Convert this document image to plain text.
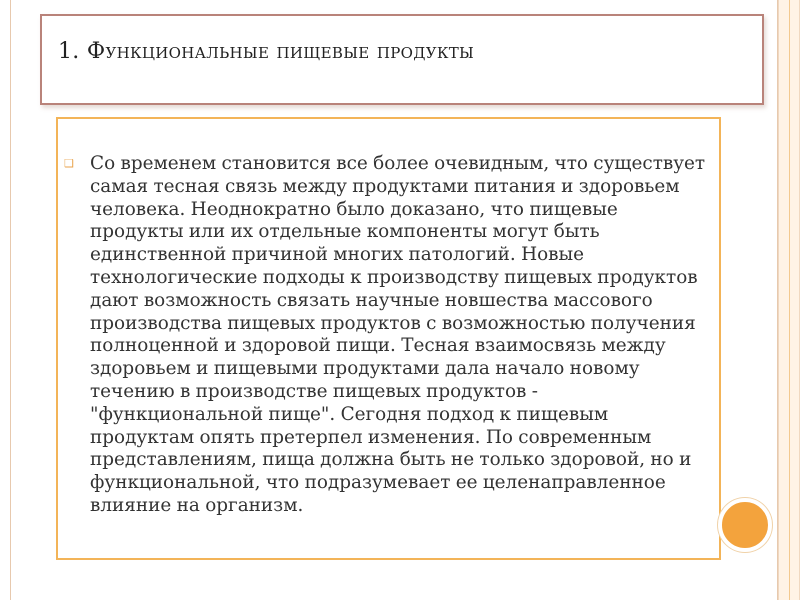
1. Функциональные пищевые продукты
❑ Со временем становится все более очевидным, что существует самая тесная связь между продуктами питания и здоровьем человека. Неоднократно было доказано, что пищевые продукты или их отдельные компоненты могут быть единственной причиной многих патологий. Новые технологические подходы к производству пищевых продуктов дают возможность связать научные новшества массового производства пищевых продуктов с возможностью получения полноценной и здоровой пищи. Тесная взаимосвязь между здоровьем и пищевыми продуктами дала начало новому течению в производстве пищевых продуктов - "функциональной пище". Сегодня подход к пищевым продуктам опять претерпел изменения. По современным представлениям, пища должна быть не только здоровой, но и функциональной, что подразумевает ее целенаправленное влияние на организм.
